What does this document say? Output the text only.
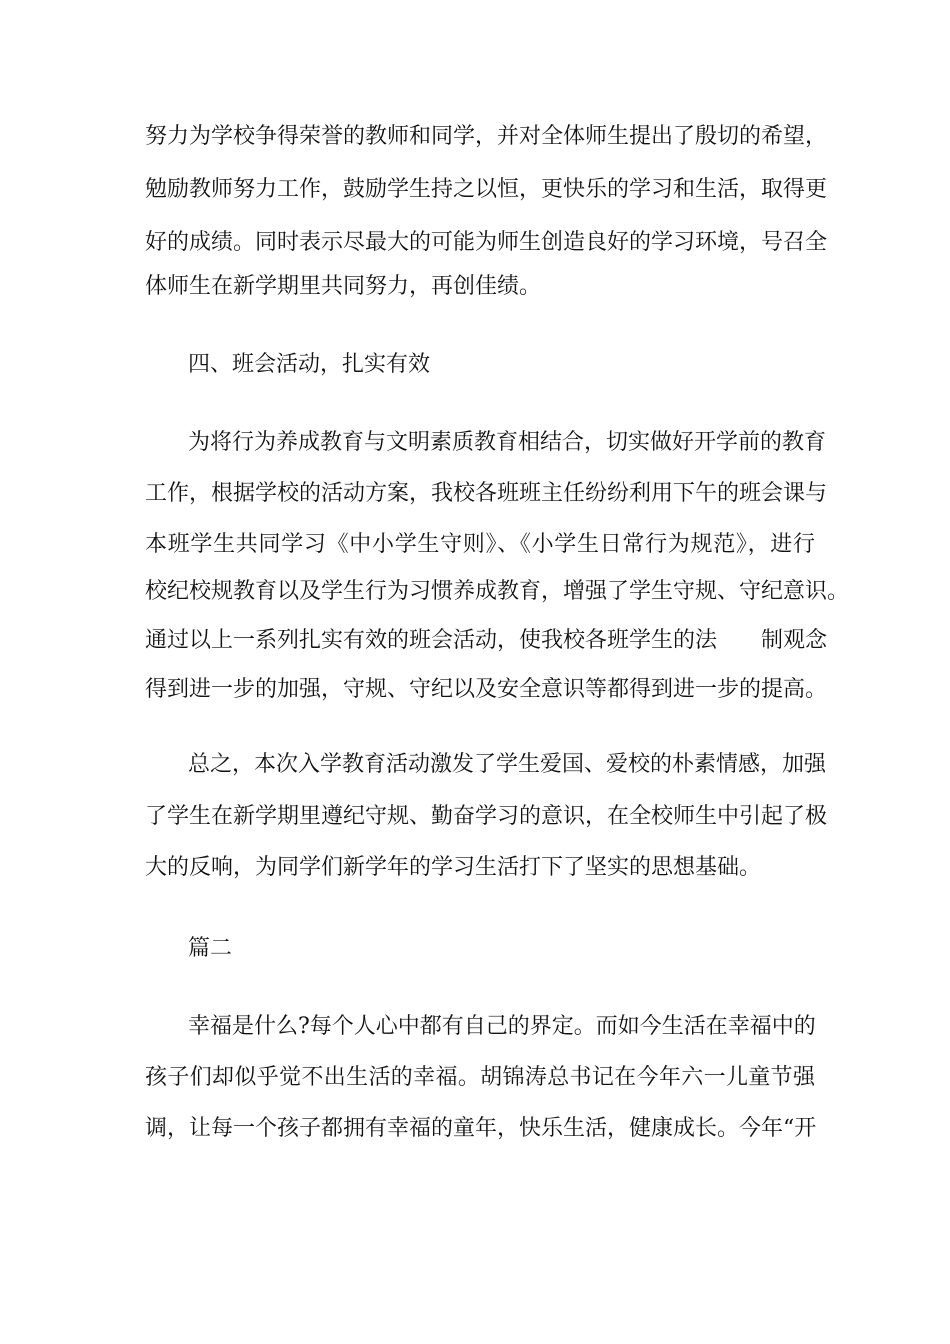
努力为学校争得荣誉的教师和同学，并对全体师生提出了殷切的希望，
勉励教师努力工作，鼓励学生持之以恒，更快乐的学习和生活，取得更
好的成绩。同时表示尽最大的可能为师生创造良好的学习环境，号召全
体师生在新学期里共同努力，再创佳绩。
四、班会活动，扎实有效
为将行为养成教育与文明素质教育相结合，切实做好开学前的教育
工作，根据学校的活动方案，我校各班班主任纷纷利用下午的班会课与
本班学生共同学习《中小学生守则》、《小学生日常行为规范》，进行
校纪校规教育以及学生行为习惯养成教育，增强了学生守规、守纪意识。
通过以上一系列扎实有效的班会活动，使我校各班学生的法　　制观念
得到进一步的加强，守规、守纪以及安全意识等都得到进一步的提高。
总之，本次入学教育活动激发了学生爱国、爱校的朴素情感，加强
了学生在新学期里遵纪守规、勤奋学习的意识，在全校师生中引起了极
大的反响，为同学们新学年的学习生活打下了坚实的思想基础。
篇二
幸福是什么?每个人心中都有自己的界定。而如今生活在幸福中的
孩子们却似乎觉不出生活的幸福。胡锦涛总书记在今年六一儿童节强
调，让每一个孩子都拥有幸福的童年，快乐生活，健康成长。今年“开
